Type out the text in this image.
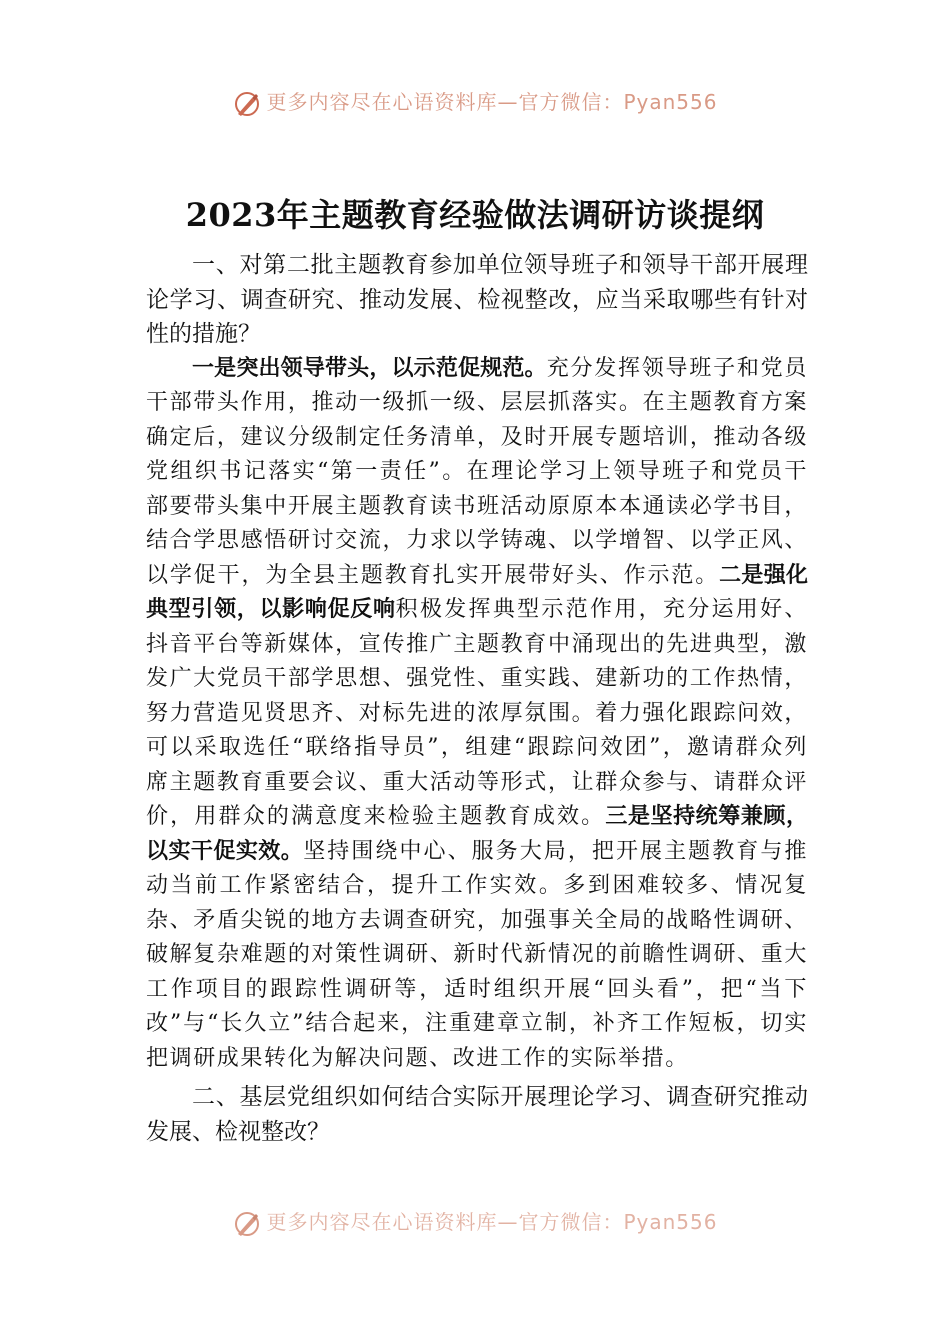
更多内容尽在心语资料库—官方微信：Pyan556
2023年主题教育经验做法调研访谈提纲

一、对第二批主题教育参加单位领导班子和领导干部开展理论学习、调查研究、推动发展、检视整改，应当采取哪些有针对性的措施？

一是突出领导带头，以示范促规范。充分发挥领导班子和党员干部带头作用，推动一级抓一级、层层抓落实。在主题教育方案确定后，建议分级制定任务清单，及时开展专题培训，推动各级党组织书记落实“第一责任”。在理论学习上领导班子和党员干部要带头集中开展主题教育读书班活动原原本本通读必学书目，结合学思感悟研讨交流，力求以学铸魂、以学增智、以学正风、以学促干，为全县主题教育扎实开展带好头、作示范。二是强化典型引领，以影响促反响积极发挥典型示范作用，充分运用好、抖音平台等新媒体，宣传推广主题教育中涌现出的先进典型，激发广大党员干部学思想、强党性、重实践、建新功的工作热情，努力营造见贤思齐、对标先进的浓厚氛围。着力强化跟踪问效，可以采取选任“联络指导员”，组建“跟踪问效团”，邀请群众列席主题教育重要会议、重大活动等形式，让群众参与、请群众评价，用群众的满意度来检验主题教育成效。三是坚持统筹兼顾，以实干促实效。坚持围绕中心、服务大局，把开展主题教育与推动当前工作紧密结合，提升工作实效。多到困难较多、情况复杂、矛盾尖锐的地方去调查研究，加强事关全局的战略性调研、破解复杂难题的对策性调研、新时代新情况的前瞻性调研、重大工作项目的跟踪性调研等，适时组织开展“回头看”，把“当下改”与“长久立”结合起来，注重建章立制，补齐工作短板，切实把调研成果转化为解决问题、改进工作的实际举措。

二、基层党组织如何结合实际开展理论学习、调查研究推动发展、检视整改？

更多内容尽在心语资料库—官方微信：Pyan556
